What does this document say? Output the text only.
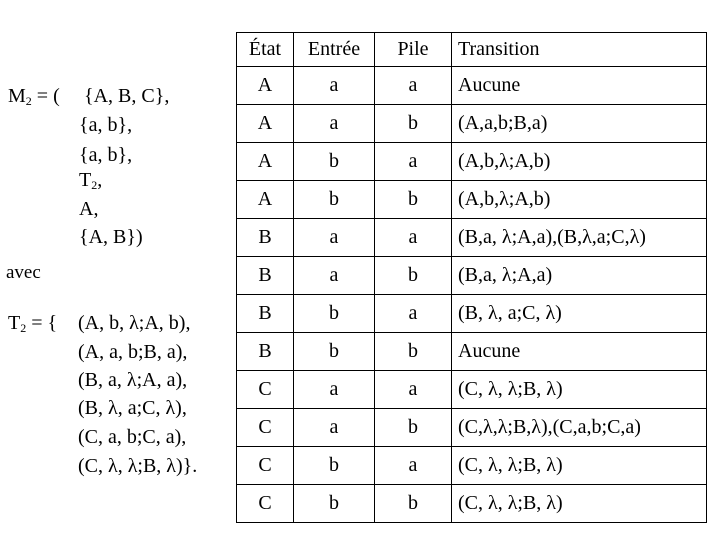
$M_2$ = ( {A, B, C},
{a, b},
{a, b},
$T_2$,
A,
{A, B})
avec
$T_2$ = { (A, b, λ;A, b),
(A, a, b;B, a),
(B, a, λ;A, a),
(B, λ, a;C, λ),
(C, a, b;C, a),
(C, λ, λ;B, λ)}.
État	Entrée	Pile	Transition
A	a	a	Aucune
A	a	b	(A,a,b;B,a)
A	b	a	(A,b,λ;A,b)
A	b	b	(A,b,λ;A,b)
B	a	a	(B,a, λ;A,a),(B,λ,a;C,λ)
B	a	b	(B,a, λ;A,a)
B	b	a	(B, λ, a;C, λ)
B	b	b	Aucune
C	a	a	(C, λ, λ;B, λ)
C	a	b	(C,λ,λ;B,λ),(C,a,b;C,a)
C	b	a	(C, λ, λ;B, λ)
C	b	b	(C, λ, λ;B, λ)
